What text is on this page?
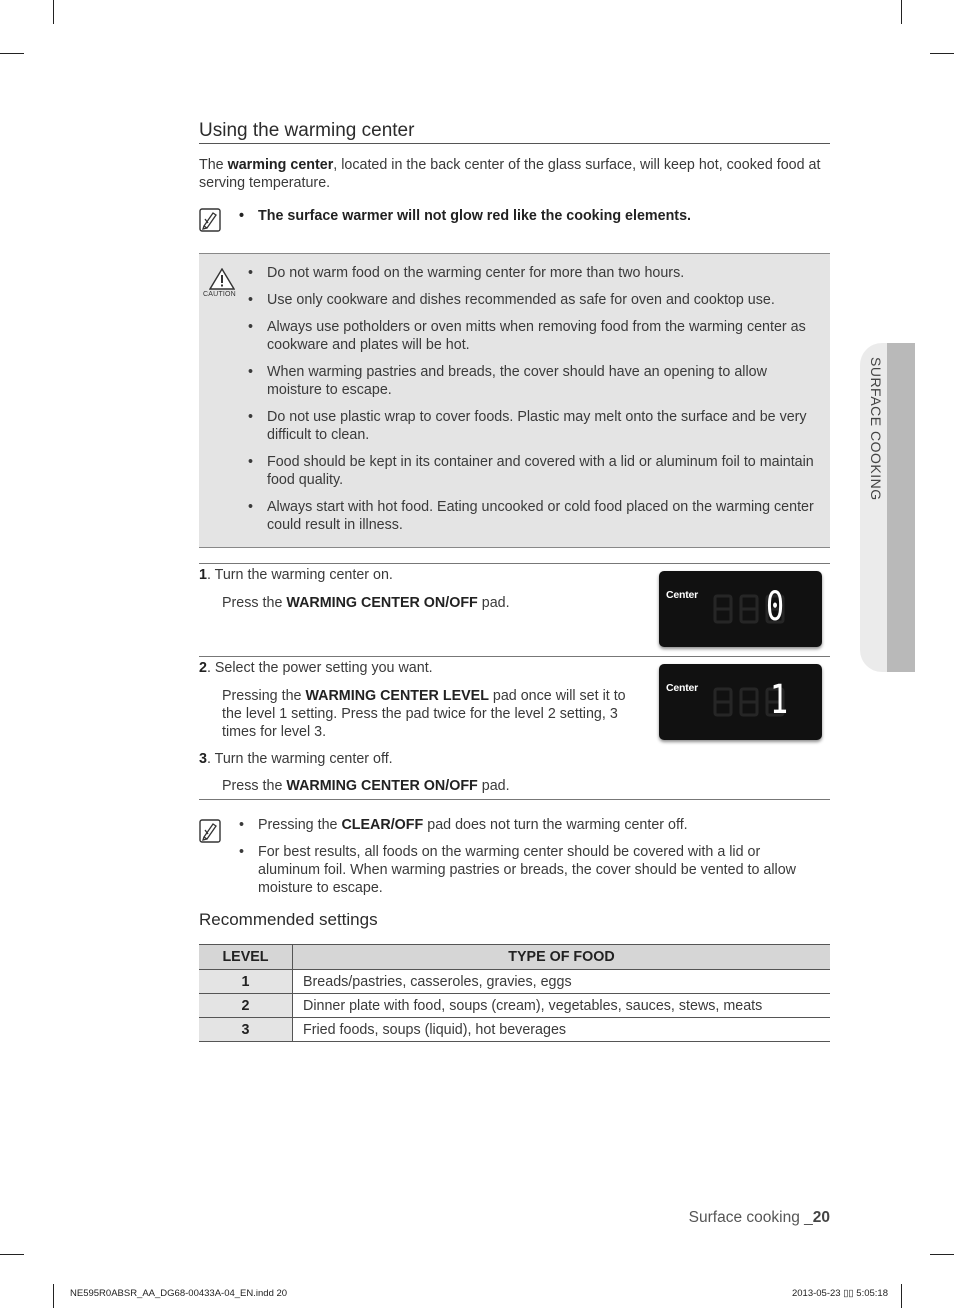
Using the warming center
The warming center, located in the back center of the glass surface, will keep hot, cooked food at serving temperature.
• The surface warmer will not glow red like the cooking elements.
CAUTION
• Do not warm food on the warming center for more than two hours.
• Use only cookware and dishes recommended as safe for oven and cooktop use.
• Always use potholders or oven mitts when removing food from the warming center as cookware and plates will be hot.
• When warming pastries and breads, the cover should have an opening to allow moisture to escape.
• Do not use plastic wrap to cover foods. Plastic may melt onto the surface and be very difficult to clean.
• Food should be kept in its container and covered with a lid or aluminum foil to maintain food quality.
• Always start with hot food. Eating uncooked or cold food placed on the warming center could result in illness.
1. Turn the warming center on.
Press the WARMING CENTER ON/OFF pad.	Center 0
2. Select the power setting you want.
Pressing the WARMING CENTER LEVEL pad once will set it to the level 1 setting. Press the pad twice for the level 2 setting, 3 times for level 3.
Center 1
3. Turn the warming center off.
Press the WARMING CENTER ON/OFF pad.
• Pressing the CLEAR/OFF pad does not turn the warming center off.
• For best results, all foods on the warming center should be covered with a lid or aluminum foil. When warming pastries or breads, the cover should be vented to allow moisture to escape.
Recommended settings
LEVEL	TYPE OF FOOD
1	Breads/pastries, casseroles, gravies, eggs
2	Dinner plate with food, soups (cream), vegetables, sauces, stews, meats
3	Fried foods, soups (liquid), hot beverages
SURFACE COOKING
Surface cooking _20
NE595R0ABSR_AA_DG68-00433A-04_EN.indd 20	2013-05-23 ▯▯ 5:05:18
